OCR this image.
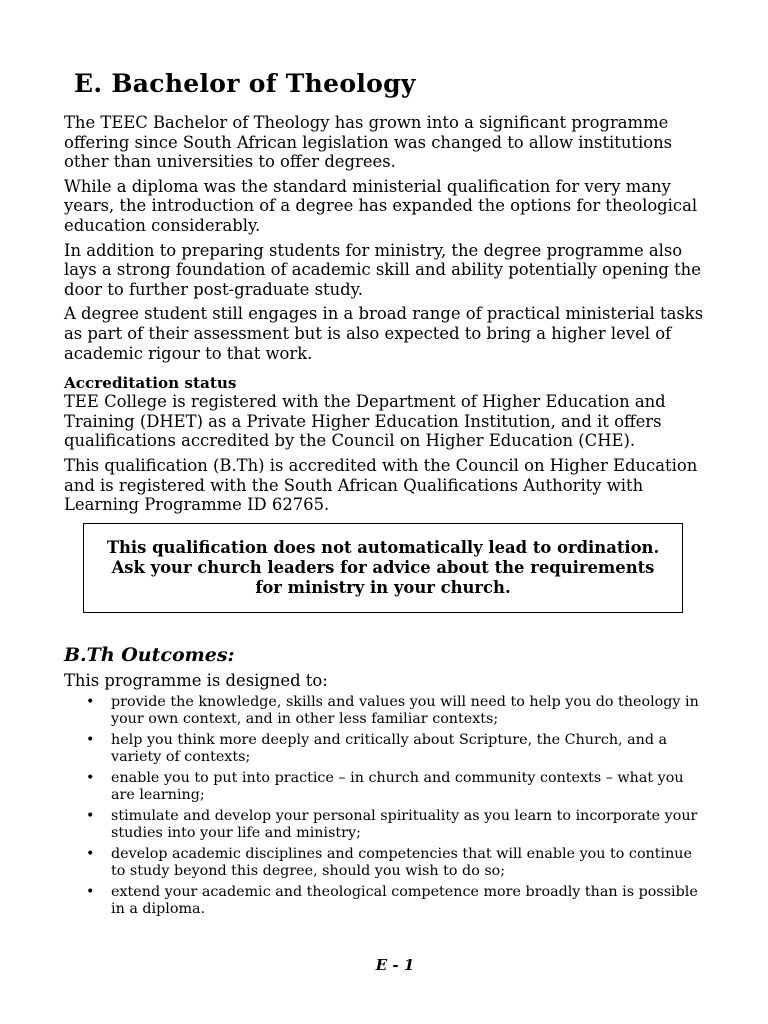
E. Bachelor of Theology

The TEEC Bachelor of Theology has grown into a significant programme offering since South African legislation was changed to allow institutions other than universities to offer degrees.

While a diploma was the standard ministerial qualification for very many years, the introduction of a degree has expanded the options for theological education considerably.

In addition to preparing students for ministry, the degree programme also lays a strong foundation of academic skill and ability potentially opening the door to further post-graduate study.

A degree student still engages in a broad range of practical ministerial tasks as part of their assessment but is also expected to bring a higher level of academic rigour to that work.

Accreditation status

TEE College is registered with the Department of Higher Education and Training (DHET) as a Private Higher Education Institution, and it offers qualifications accredited by the Council on Higher Education (CHE).

This qualification (B.Th) is accredited with the Council on Higher Education and is registered with the South African Qualifications Authority with Learning Programme ID 62765.

This qualification does not automatically lead to ordination. Ask your church leaders for advice about the requirements for ministry in your church.
B.Th Outcomes:

This programme is designed to:

• provide the knowledge, skills and values you will need to help you do theology in your own context, and in other less familiar contexts;
• help you think more deeply and critically about Scripture, the Church, and a variety of contexts;
• enable you to put into practice – in church and community contexts – what you are learning;
• stimulate and develop your personal spirituality as you learn to incorporate your studies into your life and ministry;
• develop academic disciplines and competencies that will enable you to continue to study beyond this degree, should you wish to do so;
• extend your academic and theological competence more broadly than is possible in a diploma.
E - 1
